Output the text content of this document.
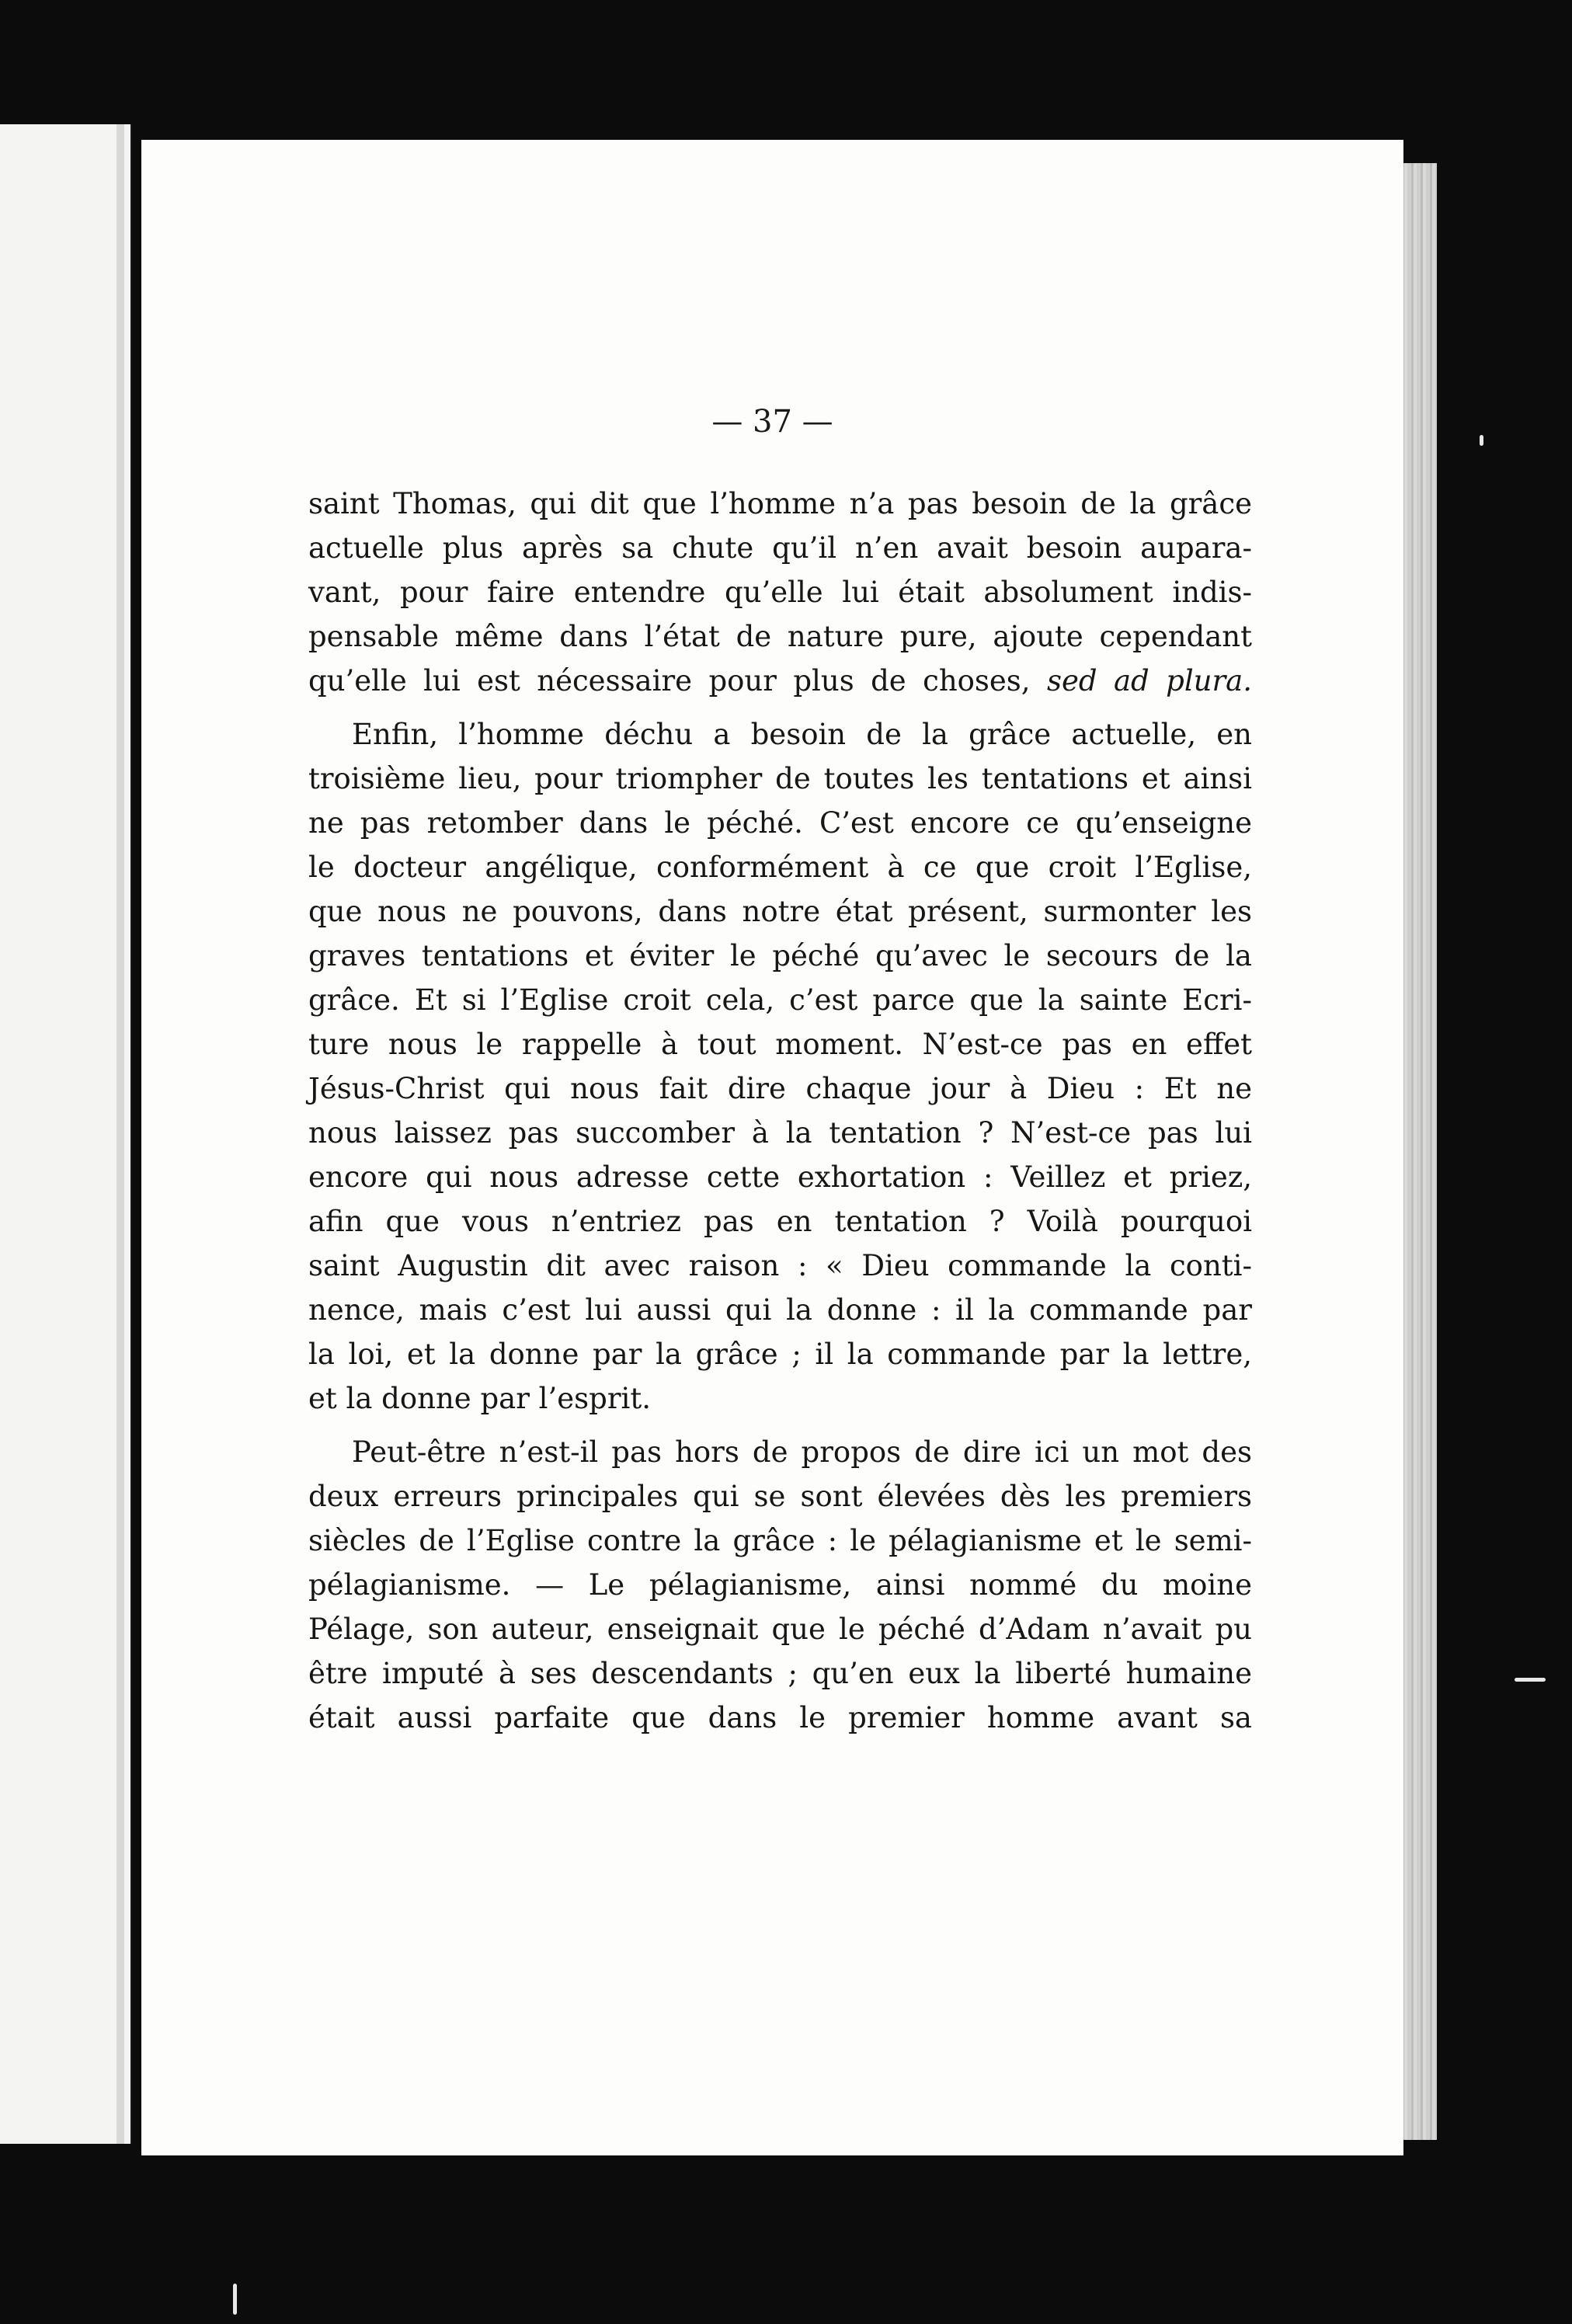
— 37 —

saint Thomas, qui dit que l’homme n’a pas besoin de la grâce
actuelle plus après sa chute qu’il n’en avait besoin aupara-
vant, pour faire entendre qu’elle lui était absolument indis-
pensable même dans l’état de nature pure, ajoute cependant
qu’elle lui est nécessaire pour plus de choses, sed ad plura.

Enfin, l’homme déchu a besoin de la grâce actuelle, en
troisième lieu, pour triompher de toutes les tentations et ainsi
ne pas retomber dans le péché. C’est encore ce qu’enseigne
le docteur angélique, conformément à ce que croit l’Eglise,
que nous ne pouvons, dans notre état présent, surmonter les
graves tentations et éviter le péché qu’avec le secours de la
grâce. Et si l’Eglise croit cela, c’est parce que la sainte Ecri-
ture nous le rappelle à tout moment. N’est-ce pas en effet
Jésus-Christ qui nous fait dire chaque jour à Dieu : Et ne
nous laissez pas succomber à la tentation ? N’est-ce pas lui
encore qui nous adresse cette exhortation : Veillez et priez,
afin que vous n’entriez pas en tentation ? Voilà pourquoi
saint Augustin dit avec raison : « Dieu commande la conti-
nence, mais c’est lui aussi qui la donne : il la commande par
la loi, et la donne par la grâce ; il la commande par la lettre,
et la donne par l’esprit.

Peut-être n’est-il pas hors de propos de dire ici un mot des
deux erreurs principales qui se sont élevées dès les premiers
siècles de l’Eglise contre la grâce : le pélagianisme et le semi-
pélagianisme. — Le pélagianisme, ainsi nommé du moine
Pélage, son auteur, enseignait que le péché d’Adam n’avait pu
être imputé à ses descendants ; qu’en eux la liberté humaine
était aussi parfaite que dans le premier homme avant sa
